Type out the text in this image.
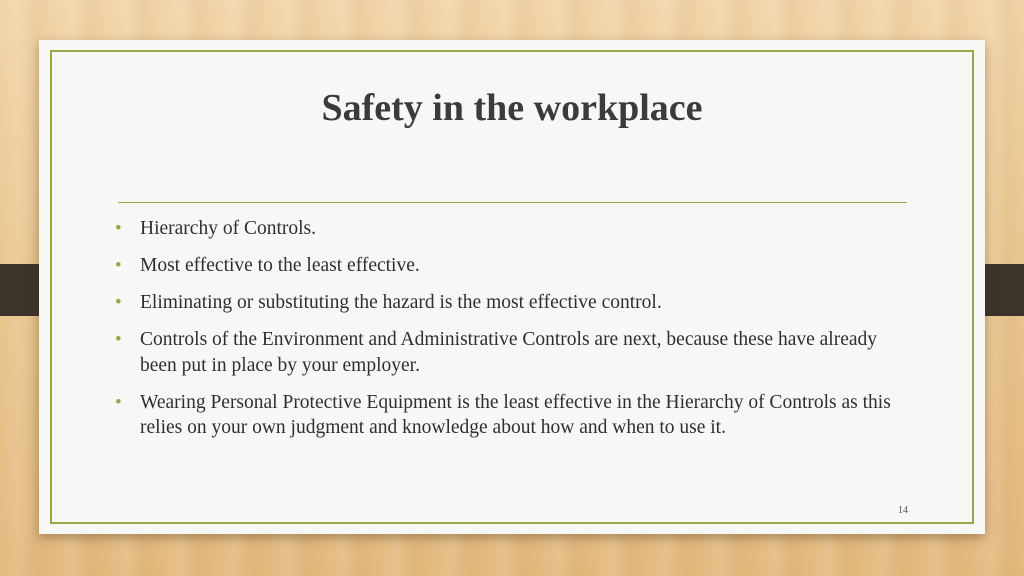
Safety in the workplace
• Hierarchy of Controls.
• Most effective to the least effective.
• Eliminating or substituting the hazard is the most effective control.
• Controls of the Environment and Administrative Controls are next, because these have already been put in place by your employer.
• Wearing Personal Protective Equipment is the least effective in the Hierarchy of Controls as this relies on your own judgment and knowledge about how and when to use it.
14
